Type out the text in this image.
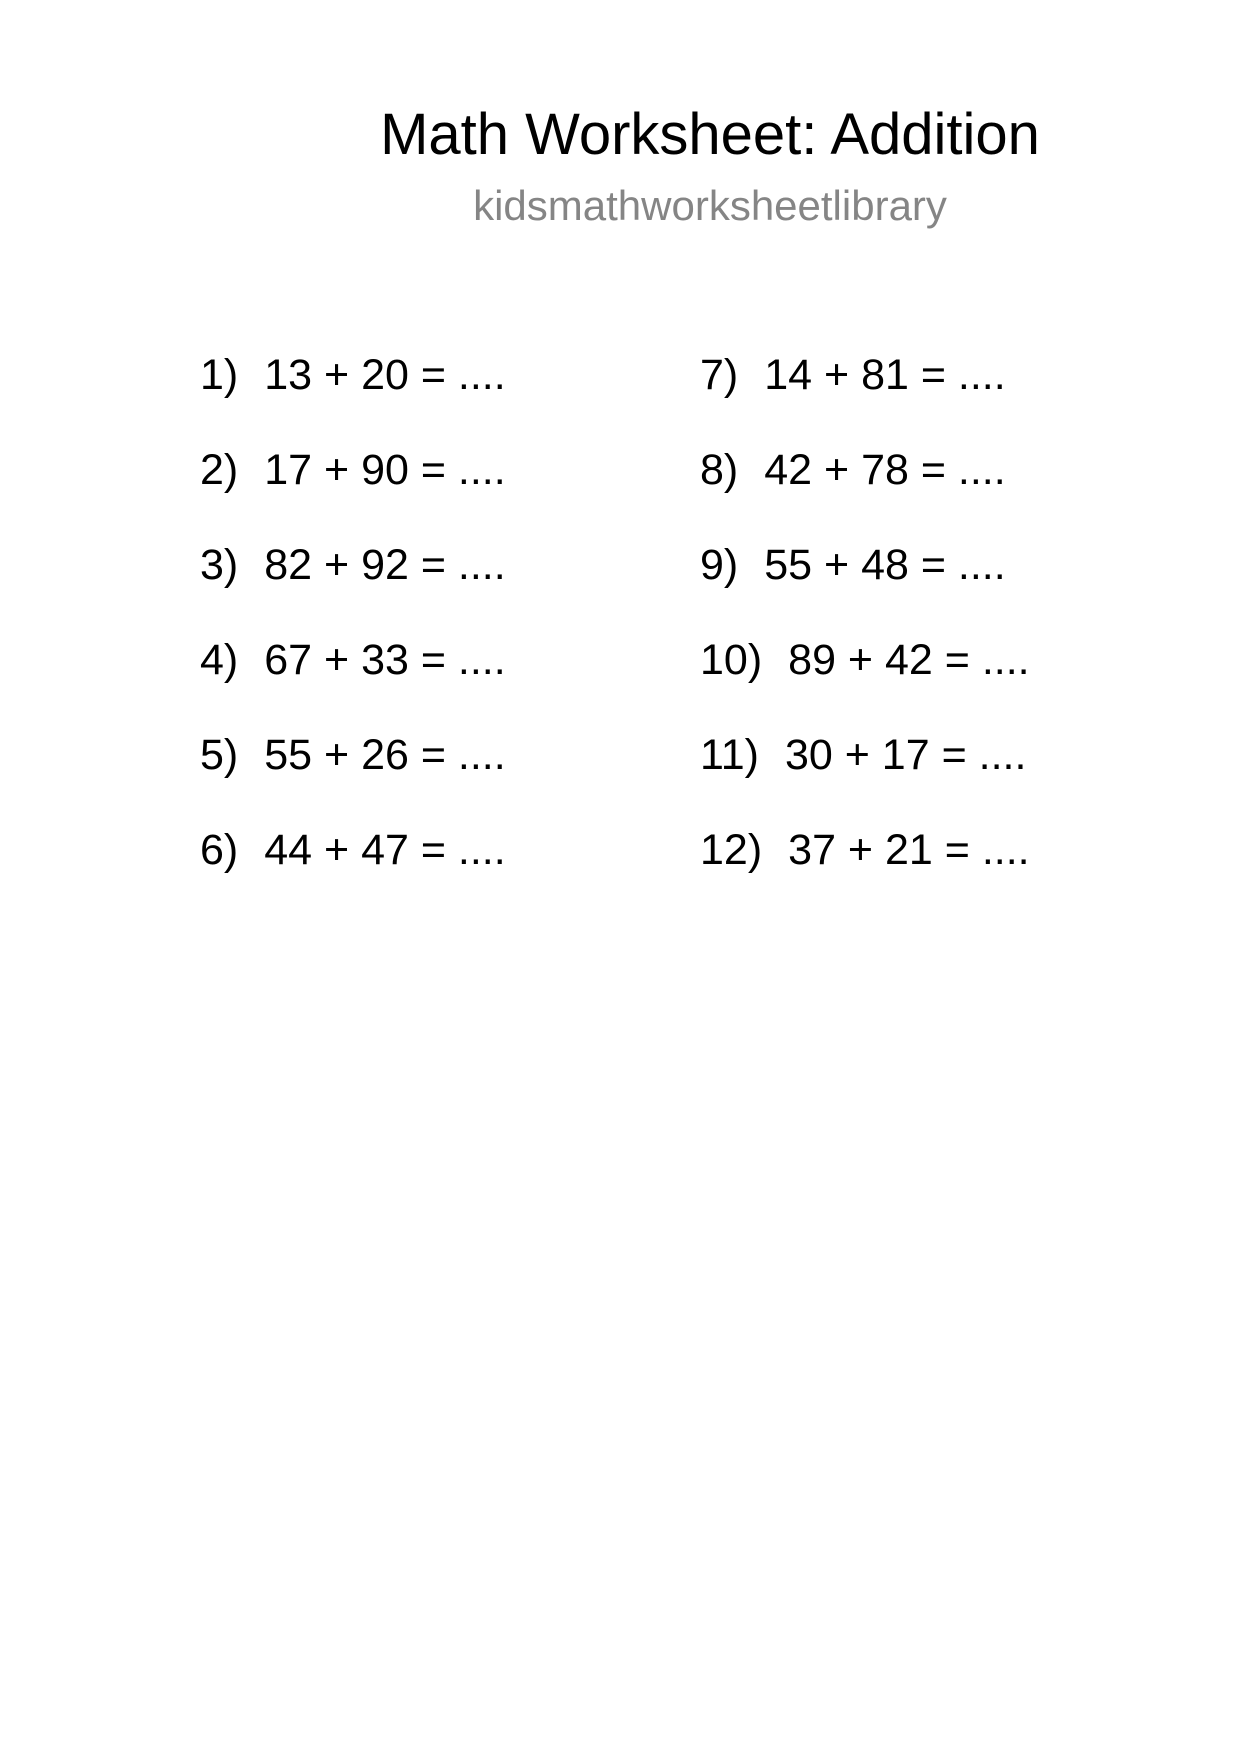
Math Worksheet: Addition
kidsmathworksheetlibrary
1) 13 + 20 = ....
2) 17 + 90 = ....
3) 82 + 92 = ....
4) 67 + 33 = ....
5) 55 + 26 = ....
6) 44 + 47 = ....
7) 14 + 81 = ....
8) 42 + 78 = ....
9) 55 + 48 = ....
10) 89 + 42 = ....
11) 30 + 17 = ....
12) 37 + 21 = ....
